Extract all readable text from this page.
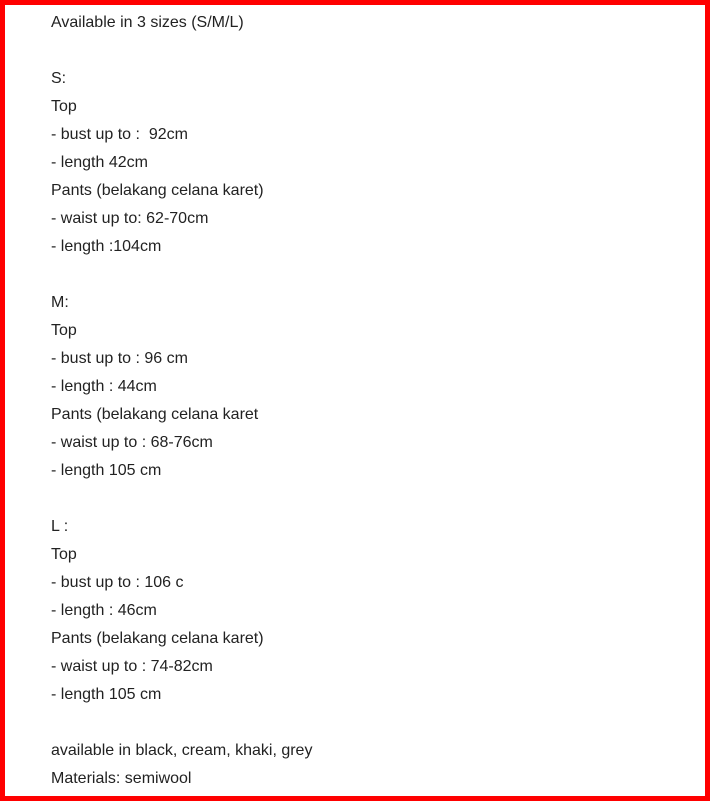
Available in 3 sizes (S/M/L)
S:
Top
- bust up to :  92cm
- length 42cm
Pants (belakang celana karet)
- waist up to: 62-70cm
- length :104cm
M:
Top
- bust up to : 96 cm
- length : 44cm
Pants (belakang celana karet
- waist up to : 68-76cm
- length 105 cm
L :
Top
- bust up to : 106 c
- length : 46cm
Pants (belakang celana karet)
- waist up to : 74-82cm
- length 105 cm
available in black, cream, khaki, grey
Materials: semiwool
